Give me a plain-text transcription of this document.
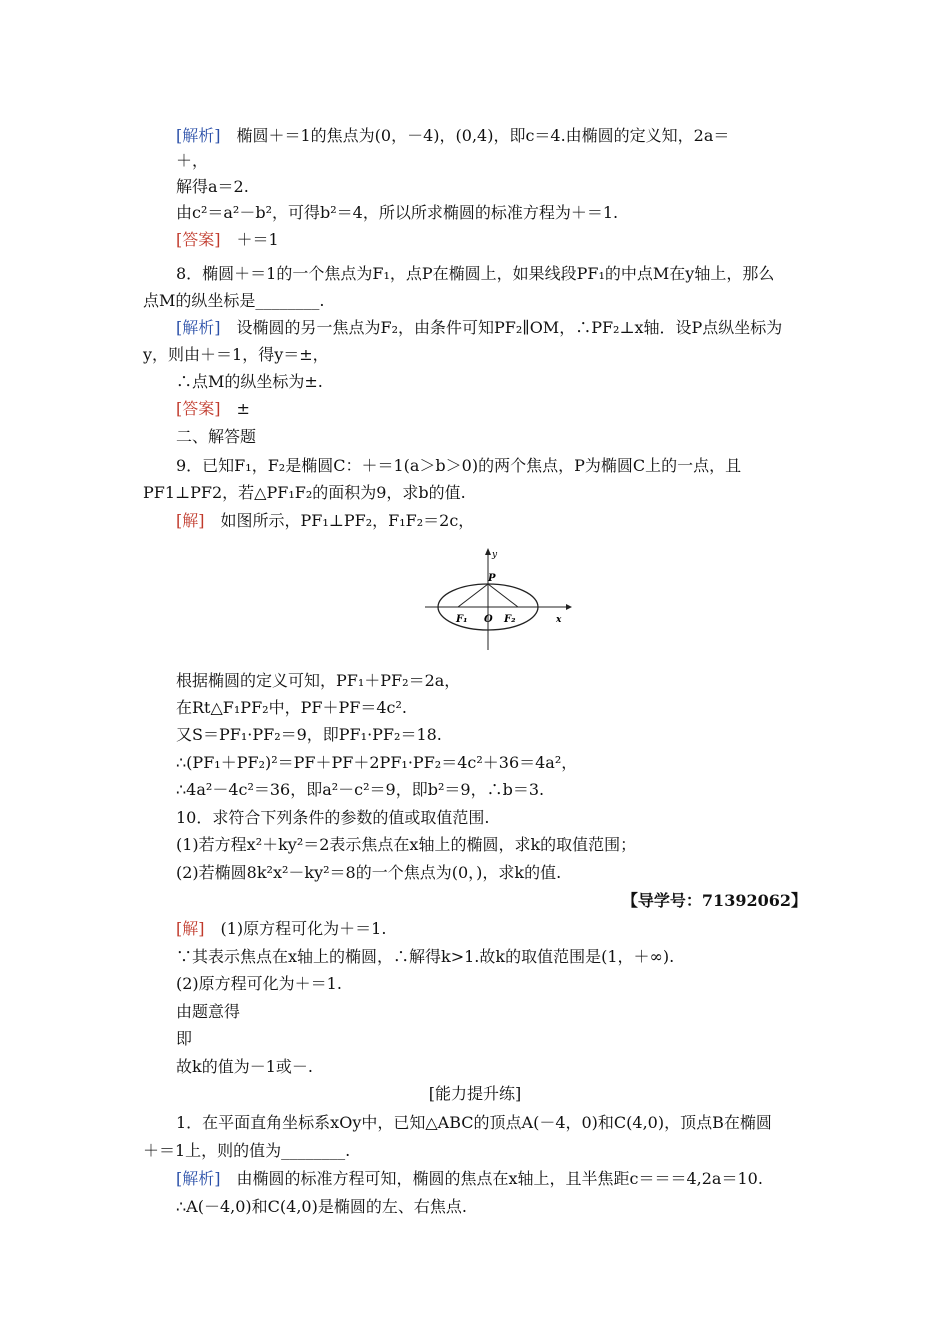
[解析] 椭圆＋＝1的焦点为(0，－4)，(0,4)，即c＝4.由椭圆的定义知，2a＝
＋，
解得a＝2.
由c²＝a²－b²，可得b²＝4，所以所求椭圆的标准方程为＋＝1.
[答案] ＋＝1
8．椭圆＋＝1的一个焦点为F₁，点P在椭圆上，如果线段PF₁的中点M在y轴上，那么
点M的纵坐标是________.
[解析] 设椭圆的另一焦点为F₂，由条件可知PF₂∥OM，∴PF₂⊥x轴．设P点纵坐标为
y，则由＋＝1，得y＝±，
∴点M的纵坐标为±.
[答案] ±
二、解答题
9．已知F₁，F₂是椭圆C：＋＝1(a＞b＞0)的两个焦点，P为椭圆C上的一点，且
PF1⊥PF2，若△PF₁F₂的面积为9，求b的值.
[解] 如图所示，PF₁⊥PF₂，F₁F₂＝2c，
y
x
P
F₁ O F₂
根据椭圆的定义可知，PF₁＋PF₂＝2a，
在Rt△F₁PF₂中，PF＋PF＝4c².
又S＝PF₁·PF₂＝9，即PF₁·PF₂＝18.
∴(PF₁＋PF₂)²＝PF＋PF＋2PF₁·PF₂＝4c²＋36＝4a²，
∴4a²－4c²＝36，即a²－c²＝9，即b²＝9，∴b＝3.
10．求符合下列条件的参数的值或取值范围.
(1)若方程x²＋ky²＝2表示焦点在x轴上的椭圆，求k的取值范围；
(2)若椭圆8k²x²－ky²＝8的一个焦点为(0，)，求k的值.
【导学号：71392062】
[解] (1)原方程可化为＋＝1.
∵其表示焦点在x轴上的椭圆，∴解得k>1.故k的取值范围是(1，＋∞).
(2)原方程可化为＋＝1.
由题意得
即
故k的值为－1或－.
[能力提升练]
1．在平面直角坐标系xOy中，已知△ABC的顶点A(－4，0)和C(4,0)，顶点B在椭圆
＋＝1上，则的值为________.
[解析] 由椭圆的标准方程可知，椭圆的焦点在x轴上，且半焦距c＝＝＝4,2a＝10.
∴A(－4,0)和C(4,0)是椭圆的左、右焦点.
